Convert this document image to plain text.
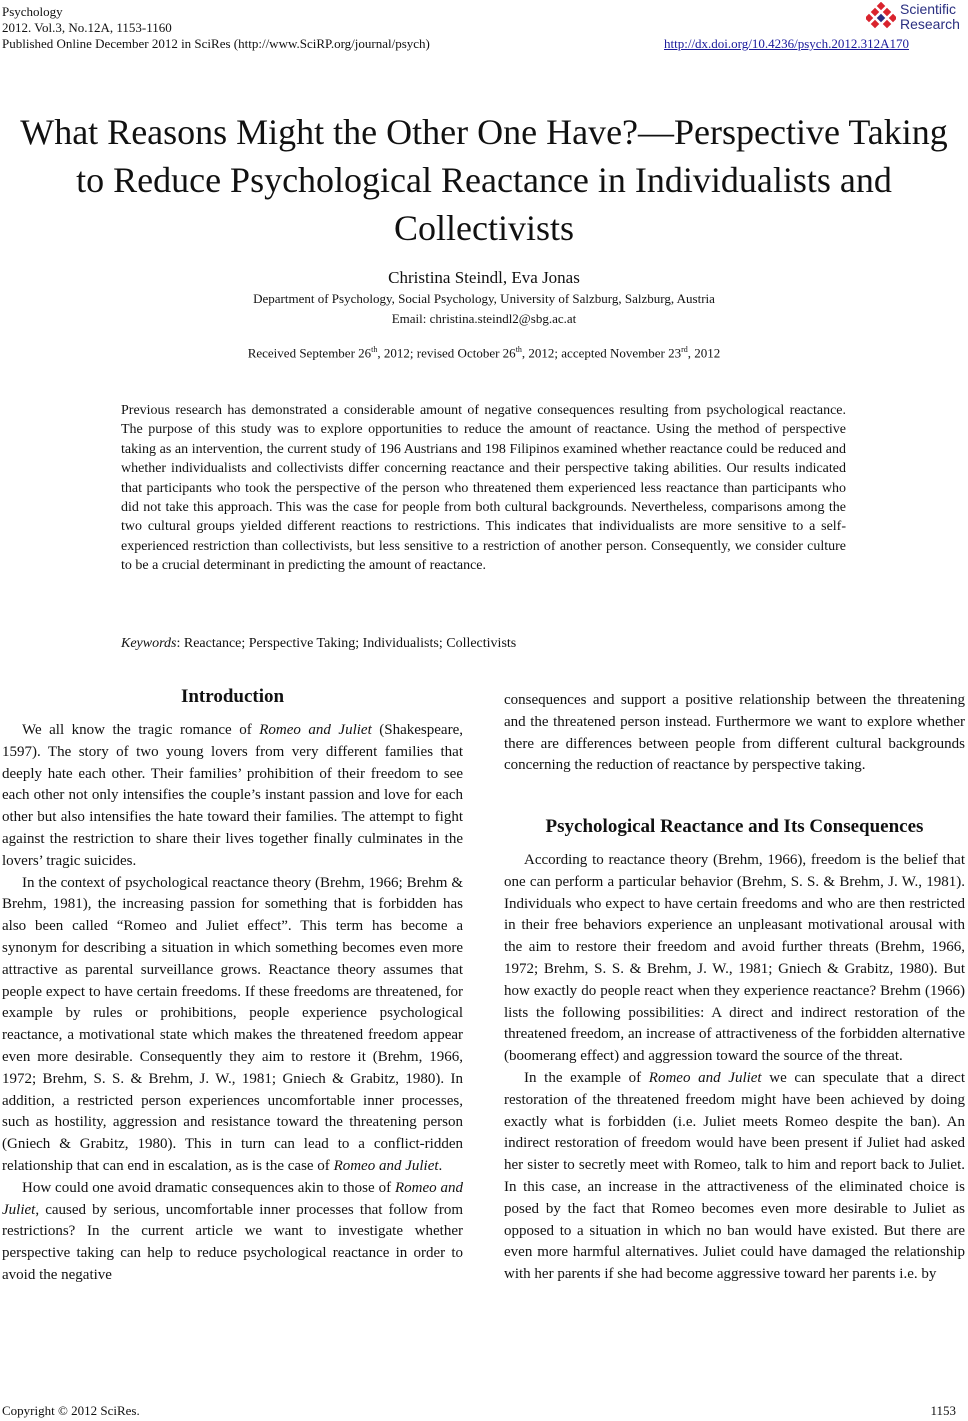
Psychology
2012. Vol.3, No.12A, 1153-1160
Published Online December 2012 in SciRes (http://www.SciRP.org/journal/psych)
Scientific
Research
http://dx.doi.org/10.4236/psych.2012.312A170
What Reasons Might the Other One Have?—Perspective Taking
to Reduce Psychological Reactance in Individualists and
Collectivists
Christina Steindl, Eva Jonas
Department of Psychology, Social Psychology, University of Salzburg, Salzburg, Austria
Email: christina.steindl2@sbg.ac.at
Received September 26th, 2012; revised October 26th, 2012; accepted November 23rd, 2012
Previous research has demonstrated a considerable amount of negative consequences resulting from psychological reactance. The purpose of this study was to explore opportunities to reduce the amount of reactance. Using the method of perspective taking as an intervention, the current study of 196 Austrians and 198 Filipinos examined whether reactance could be reduced and whether individualists and collectivists differ concerning reactance and their perspective taking abilities. Our results indicated that participants who took the perspective of the person who threatened them experienced less reactance than participants who did not take this approach. This was the case for people from both cultural backgrounds. Nevertheless, comparisons among the two cultural groups yielded different reactions to restrictions. This indicates that individualists are more sensitive to a self-experienced restriction than collectivists, but less sensitive to a restriction of another person. Consequently, we consider culture to be a crucial determinant in predicting the amount of reactance.
Keywords: Reactance; Perspective Taking; Individualists; Collectivists
Introduction

We all know the tragic romance of Romeo and Juliet (Shakespeare, 1597). The story of two young lovers from very different families that deeply hate each other. Their families’ prohibition of their freedom to see each other not only intensifies the couple’s instant passion and love for each other but also intensifies the hate toward their families. The attempt to fight against the restriction to share their lives together finally culminates in the lovers’ tragic suicides.

In the context of psychological reactance theory (Brehm, 1966; Brehm & Brehm, 1981), the increasing passion for something that is forbidden has also been called “Romeo and Juliet effect”. This term has become a synonym for describing a situation in which something becomes even more attractive as parental surveillance grows. Reactance theory assumes that people expect to have certain freedoms. If these freedoms are threatened, for example by rules or prohibitions, people experience psychological reactance, a motivational state which makes the threatened freedom appear even more desirable. Consequently they aim to restore it (Brehm, 1966, 1972; Brehm, S. S. & Brehm, J. W., 1981; Gniech & Grabitz, 1980). In addition, a restricted person experiences uncomfortable inner processes, such as hostility, aggression and resistance toward the threatening person (Gniech & Grabitz, 1980). This in turn can lead to a conflict-ridden relationship that can end in escalation, as is the case of Romeo and Juliet.

How could one avoid dramatic consequences akin to those of Romeo and Juliet, caused by serious, uncomfortable inner processes that follow from restrictions? In the current article we want to investigate whether perspective taking can help to reduce psychological reactance in order to avoid the negative

consequences and support a positive relationship between the threatening and the threatened person instead. Furthermore we want to explore whether there are differences between people from different cultural backgrounds concerning the reduction of reactance by perspective taking.

Psychological Reactance and Its Consequences

According to reactance theory (Brehm, 1966), freedom is the belief that one can perform a particular behavior (Brehm, S. S. & Brehm, J. W., 1981). Individuals who expect to have certain freedoms and who are then restricted in their free behaviors experience an unpleasant motivational arousal with the aim to restore their freedom and avoid further threats (Brehm, 1966, 1972; Brehm, S. S. & Brehm, J. W., 1981; Gniech & Grabitz, 1980). But how exactly do people react when they experience reactance? Brehm (1966) lists the following possibilities: A direct and indirect restoration of the threatened freedom, an increase of attractiveness of the forbidden alternative (boomerang effect) and aggression toward the source of the threat.

In the example of Romeo and Juliet we can speculate that a direct restoration of the threatened freedom might have been achieved by doing exactly what is forbidden (i.e. Juliet meets Romeo despite the ban). An indirect restoration of freedom would have been present if Juliet had asked her sister to secretly meet with Romeo, talk to him and report back to Juliet. In this case, an increase in the attractiveness of the eliminated choice is posed by the fact that Romeo becomes even more desirable to Juliet as opposed to a situation in which no ban would have existed. But there are even more harmful alternatives. Juliet could have damaged the relationship with her parents if she had become aggressive toward her parents i.e. by

Copyright © 2012 SciRes.	1153
